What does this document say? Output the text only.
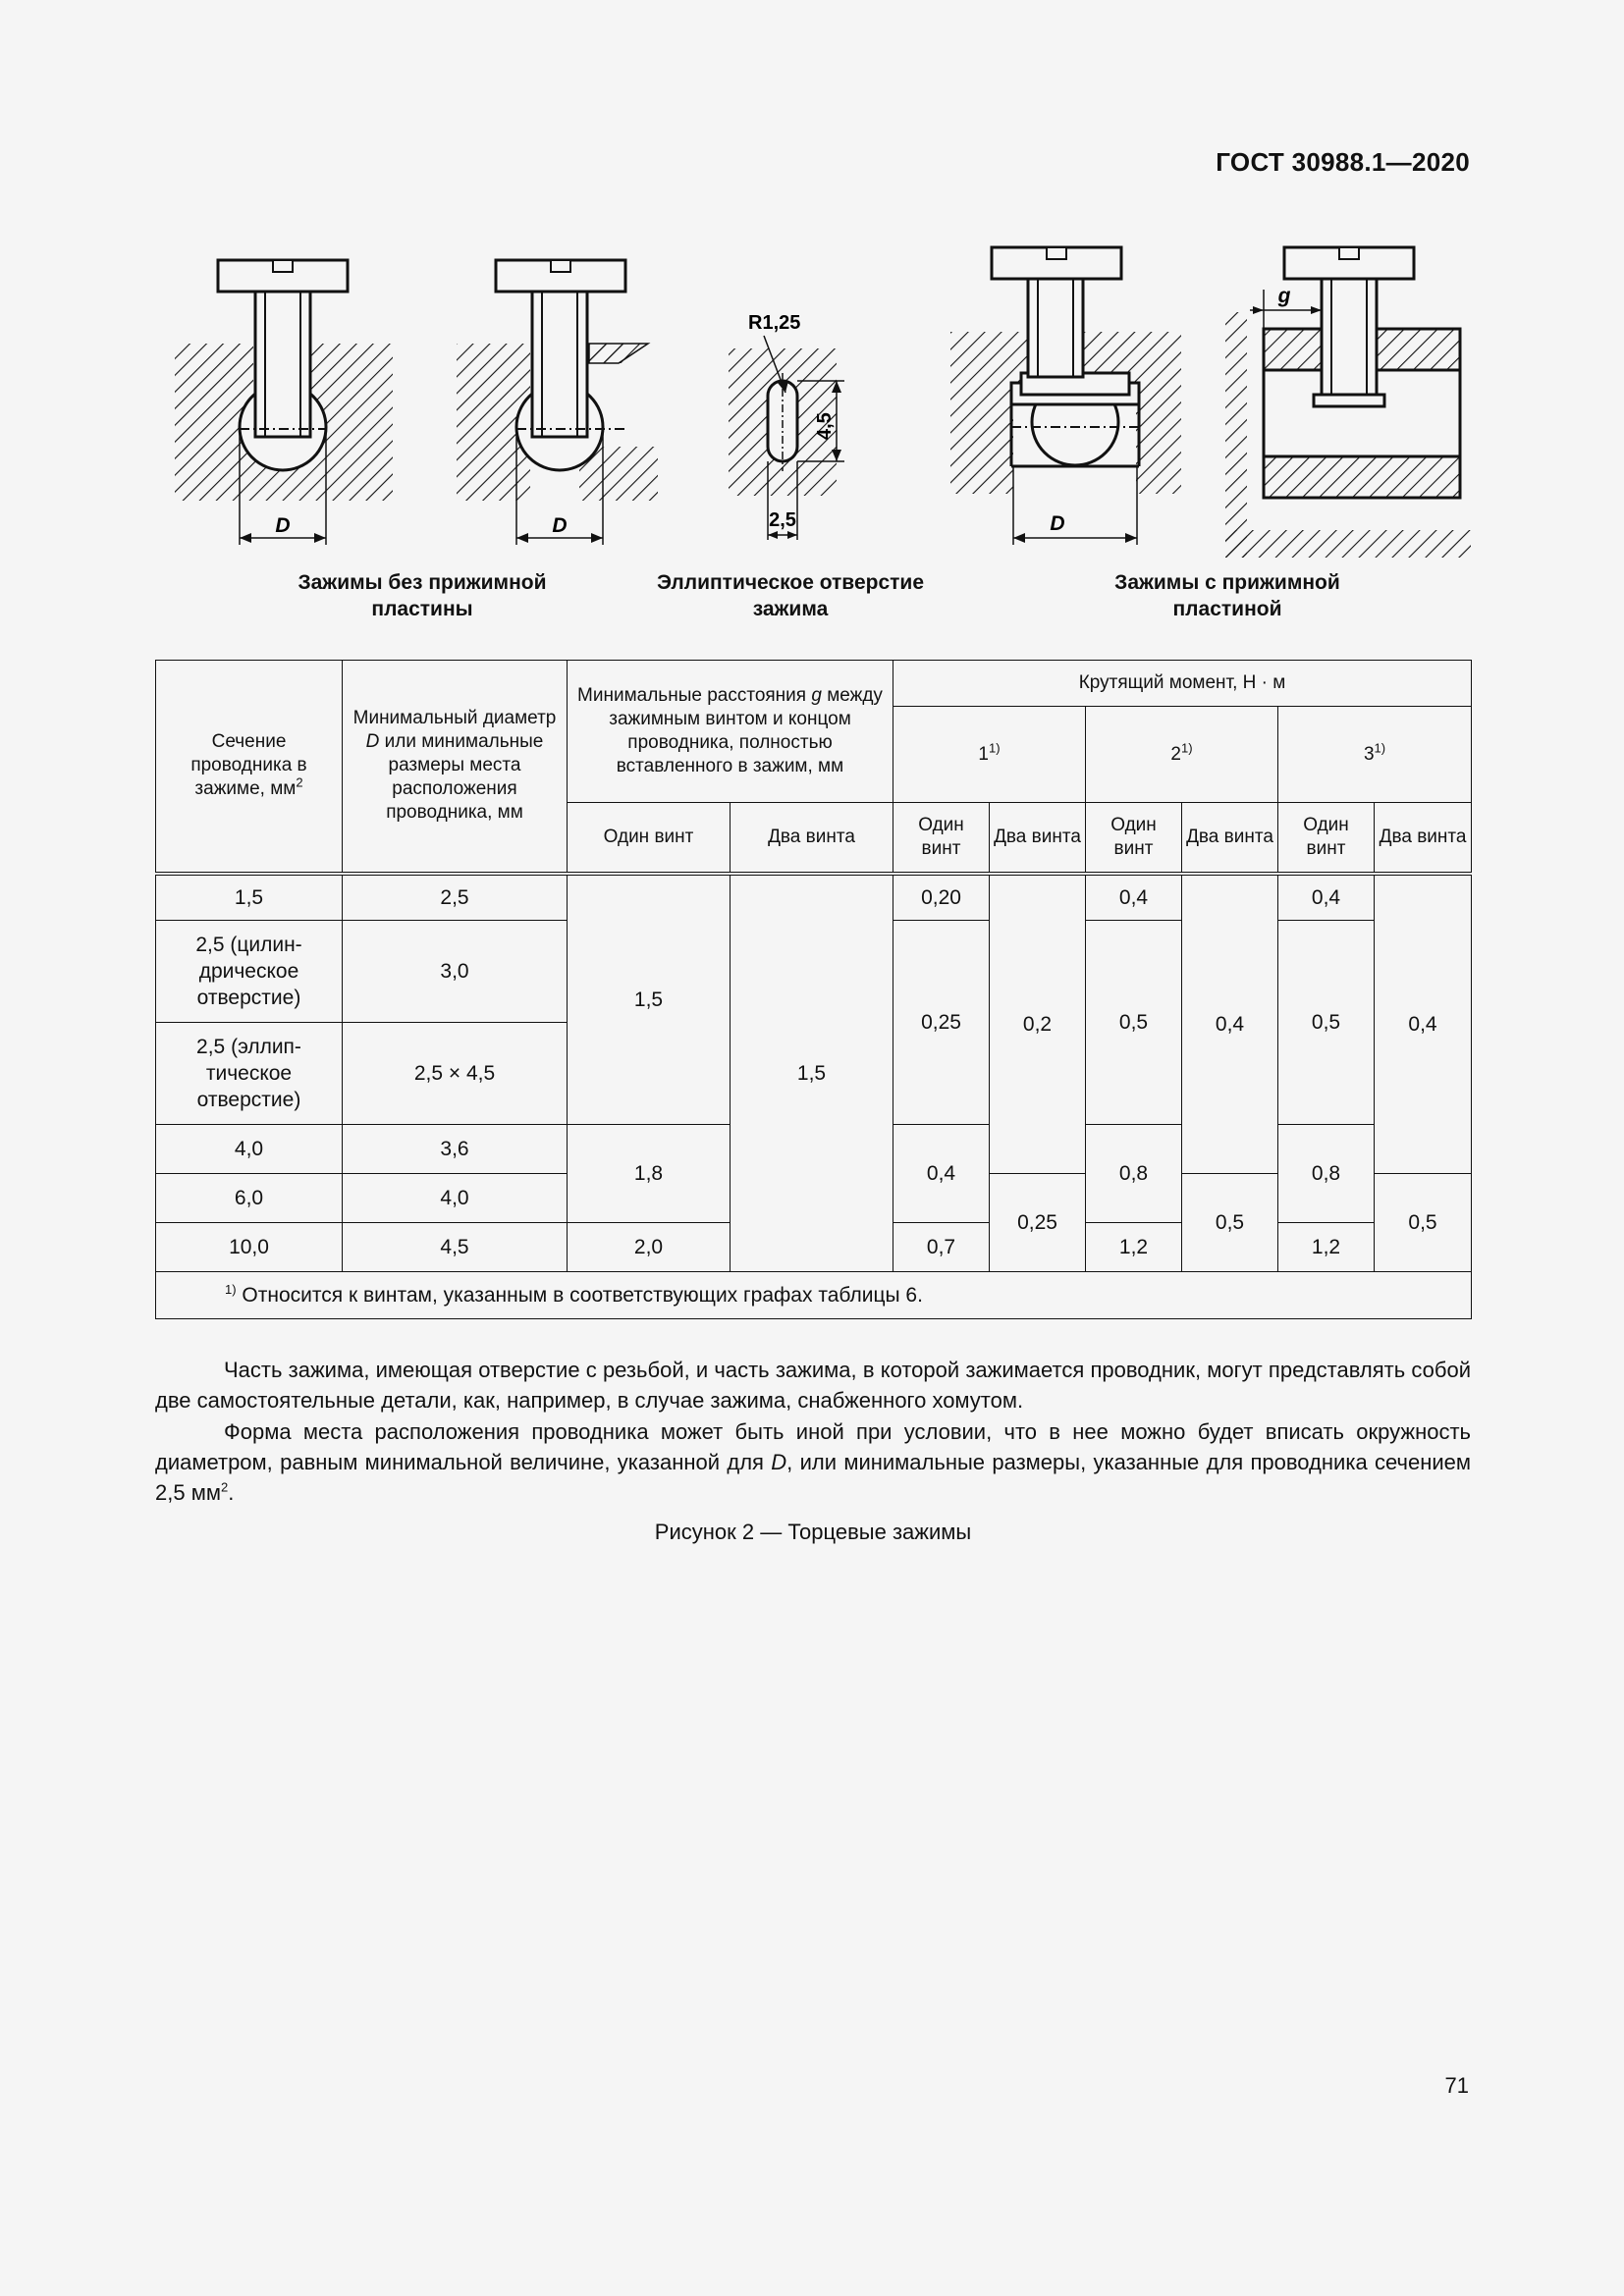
ГОСТ 30988.1—2020
D	D
R1,25
4,5
2,5	D
g
Зажимы без прижимной пластины
Эллиптическое отверстие зажима
Зажимы с прижимной пластиной
Сечение проводника в зажиме, $мм^2$	Минимальный диаметр D или минимальные размеры места расположения проводника, мм	Минимальные расстояния g между зажимным винтом и концом проводника, полностью вставленного в зажим, мм		Крутящий момент, Н · м					
				1$^{1)}$		2$^{1)}$		3$^{1)}$
		Один винт	Два винта	Один винт	Два винта	Один винт	Два винта	Один винт	Два винта
1,5	2,5	1,5	1,5	0,20	0,2	0,4	0,4	0,4	0,4
2,5 (цилин-дрическое отверстие)	3,0			0,25		0,5		0,5	
2,5 (эллип-тическое отверстие)	2,5 × 4,5								
4,0	3,6	1,8		0,4		0,8		0,8	
6,0	4,0				0,25		0,5		0,5
10,0	4,5	2,0		0,7		1,2		1,2	
$^{1)}$ Относится к винтам, указанным в соответствующих графах таблицы 6.									
Часть зажима, имеющая отверстие с резьбой, и часть зажима, в которой зажимается проводник, могут представлять собой две самостоятельные детали, как, например, в случае зажима, снабженного хомутом.
Форма места расположения проводника может быть иной при условии, что в нее можно будет вписать окружность диаметром, равным минимальной величине, указанной для D, или минимальные размеры, указанные для проводника сечением 2,5 $мм^2$.
Рисунок 2 — Торцевые зажимы
71
